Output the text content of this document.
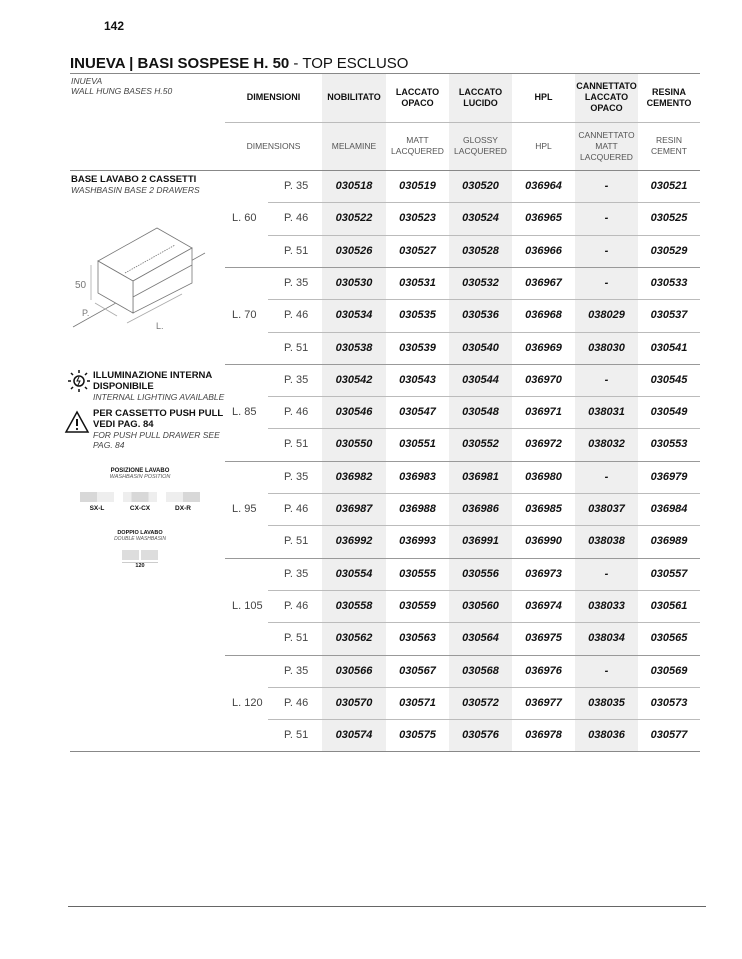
142
INUEVA | BASI SOSPESE H. 50 - TOP ESCLUSO
INUEVA
WALL HUNG BASES H.50
DIMENSIONI
DIMENSIONS
NOBILITATO
MELAMINE
LACCATO OPACO
MATT LACQUERED
LACCATO LUCIDO
GLOSSY LACQUERED
HPL
HPL
CANNETTATO LACCATO OPACO
CANNETTATO MATT LACQUERED
RESINA CEMENTO
RESIN CEMENT
L. 60
P. 35	030518	030519	030520	036964	-	030521
P. 46	030522	030523	030524	036965	-	030525
P. 51	030526	030527	030528	036966	-	030529
L. 70
P. 35	030530	030531	030532	036967	-	030533
P. 46	030534	030535	030536	036968	038029	030537
P. 51	030538	030539	030540	036969	038030	030541
L. 85
P. 35	030542	030543	030544	036970	-	030545
P. 46	030546	030547	030548	036971	038031	030549
P. 51	030550	030551	030552	036972	038032	030553
L. 95
P. 35	036982	036983	036981	036980	-	036979
P. 46	036987	036988	036986	036985	038037	036984
P. 51	036992	036993	036991	036990	038038	036989
L. 105
P. 35	030554	030555	030556	036973	-	030557
P. 46	030558	030559	030560	036974	038033	030561
P. 51	030562	030563	030564	036975	038034	030565
L. 120
P. 35	030566	030567	030568	036976	-	030569
P. 46	030570	030571	030572	036977	038035	030573
P. 51	030574	030575	030576	036978	038036	030577
BASE LAVABO 2 CASSETTI
WASHBASIN BASE 2 DRAWERS
50
P.
L.
ILLUMINAZIONE INTERNA DISPONIBILE
INTERNAL LIGHTING AVAILABLE
PER CASSETTO PUSH PULL VEDI PAG. 84
FOR PUSH PULL DRAWER SEE PAG. 84
POSIZIONE LAVABO
WASHBASIN POSITION
SX-L	CX-CX	DX-R
DOPPIO LAVABO
DOUBLE WASHBASIN
120
